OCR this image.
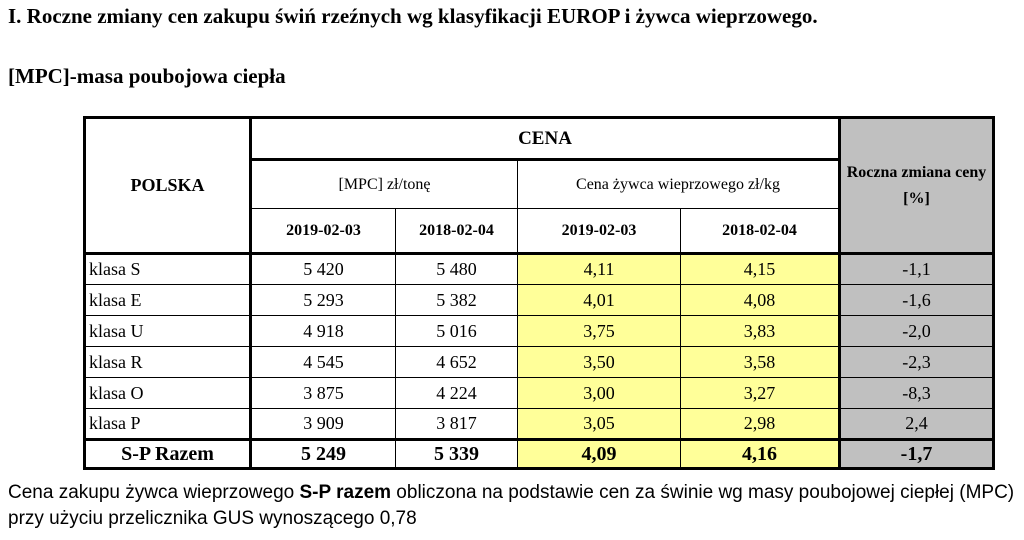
I. Roczne zmiany cen zakupu świń rzeźnych wg klasyfikacji EUROP i żywca wieprzowego.
[MPC]-masa poubojowa ciepła
POLSKA	CENA				Roczna zmiana ceny [%]
	[MPC] zł/tonę		Cena żywca wieprzowego zł/kg		
	2019-02-03	2018-02-04	2019-02-03	2018-02-04	
klasa S	5 420	5 480	4,11	4,15	-1,1
klasa E	5 293	5 382	4,01	4,08	-1,6
klasa U	4 918	5 016	3,75	3,83	-2,0
klasa R	4 545	4 652	3,50	3,58	-2,3
klasa O	3 875	4 224	3,00	3,27	-8,3
klasa P	3 909	3 817	3,05	2,98	2,4
S-P Razem	5 249	5 339	4,09	4,16	-1,7
Cena zakupu żywca wieprzowego S-P razem obliczona na podstawie cen za świnie wg masy poubojowej ciepłej (MPC) przy użyciu przelicznika GUS wynoszącego 0,78
